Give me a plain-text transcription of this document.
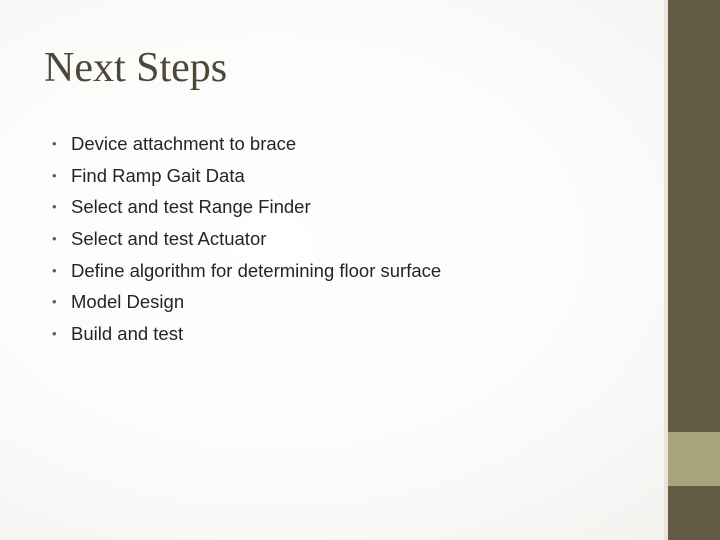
Next Steps
• Device attachment to brace
• Find Ramp Gait Data
• Select and test Range Finder
• Select and test Actuator
• Define algorithm for determining floor surface
• Model Design
• Build and test
